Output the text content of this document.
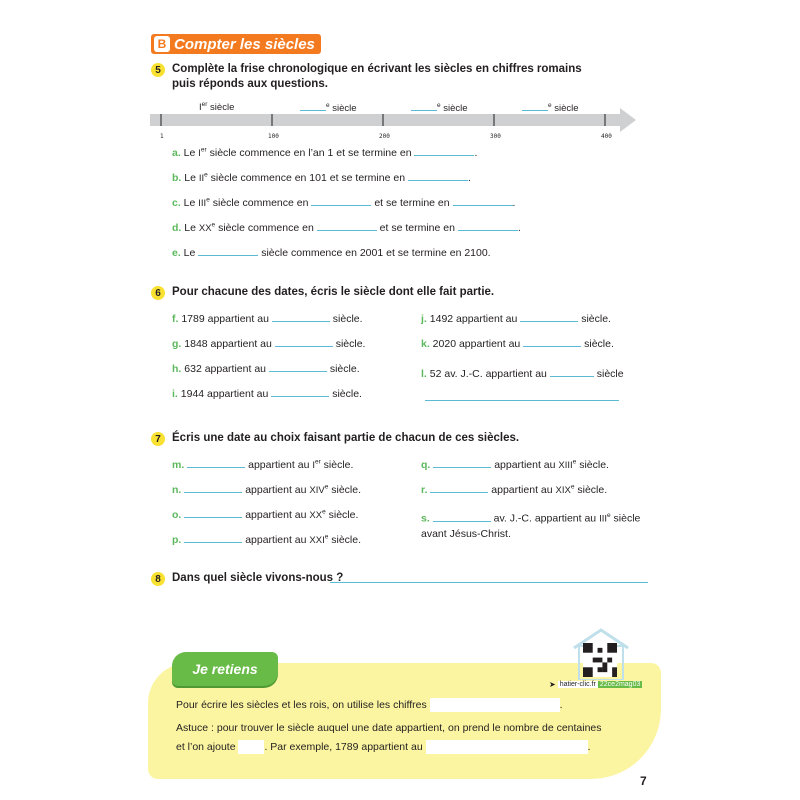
B Compter les siècles
5 Complète la frise chronologique en écrivant les siècles en chiffres romains
puis réponds aux questions.
Ier siècle	$^e$ siècle	$^e$ siècle	$^e$ siècle
1	100	200	300	400
a. Le Ier siècle commence en l’an 1 et se termine en	.
b. Le IIe siècle commence en 101 et se termine en	.
c. Le IIIe siècle commence en	et se termine en	.
d. Le XXe siècle commence en	et se termine en	.
e. Le	siècle commence en 2001 et se termine en 2100.
6 Pour chacune des dates, écris le siècle dont elle fait partie.
f. 1789 appartient au	siècle.
g. 1848 appartient au	siècle.
h. 632 appartient au	siècle.
i. 1944 appartient au	siècle.
j. 1492 appartient au	siècle.
k. 2020 appartient au	siècle.
l. 52 av. J.-C. appartient au	siècle
7 Écris une date au choix faisant partie de chacun de ces siècles.
m.	appartient au Ier siècle.
n.	appartient au XIVe siècle.
o.	appartient au XXe siècle.
p.	appartient au XXIe siècle.
q.	appartient au XIIIe siècle.
r.	appartient au XIXe siècle.
s.	av. J.-C. appartient au IIIe siècle
avant Jésus-Christ.
8 Dans quel siècle vivons-nous ?
Je retiens
Pour écrire les siècles et les rois, on utilise les chiffres	.
Astuce : pour trouver le siècle auquel une date appartient, on prend le nombre de centaines
et l’on ajoute	. Par exemple, 1789 appartient au	.
➤ hatier-clic.fr 22ce2mag03
7
